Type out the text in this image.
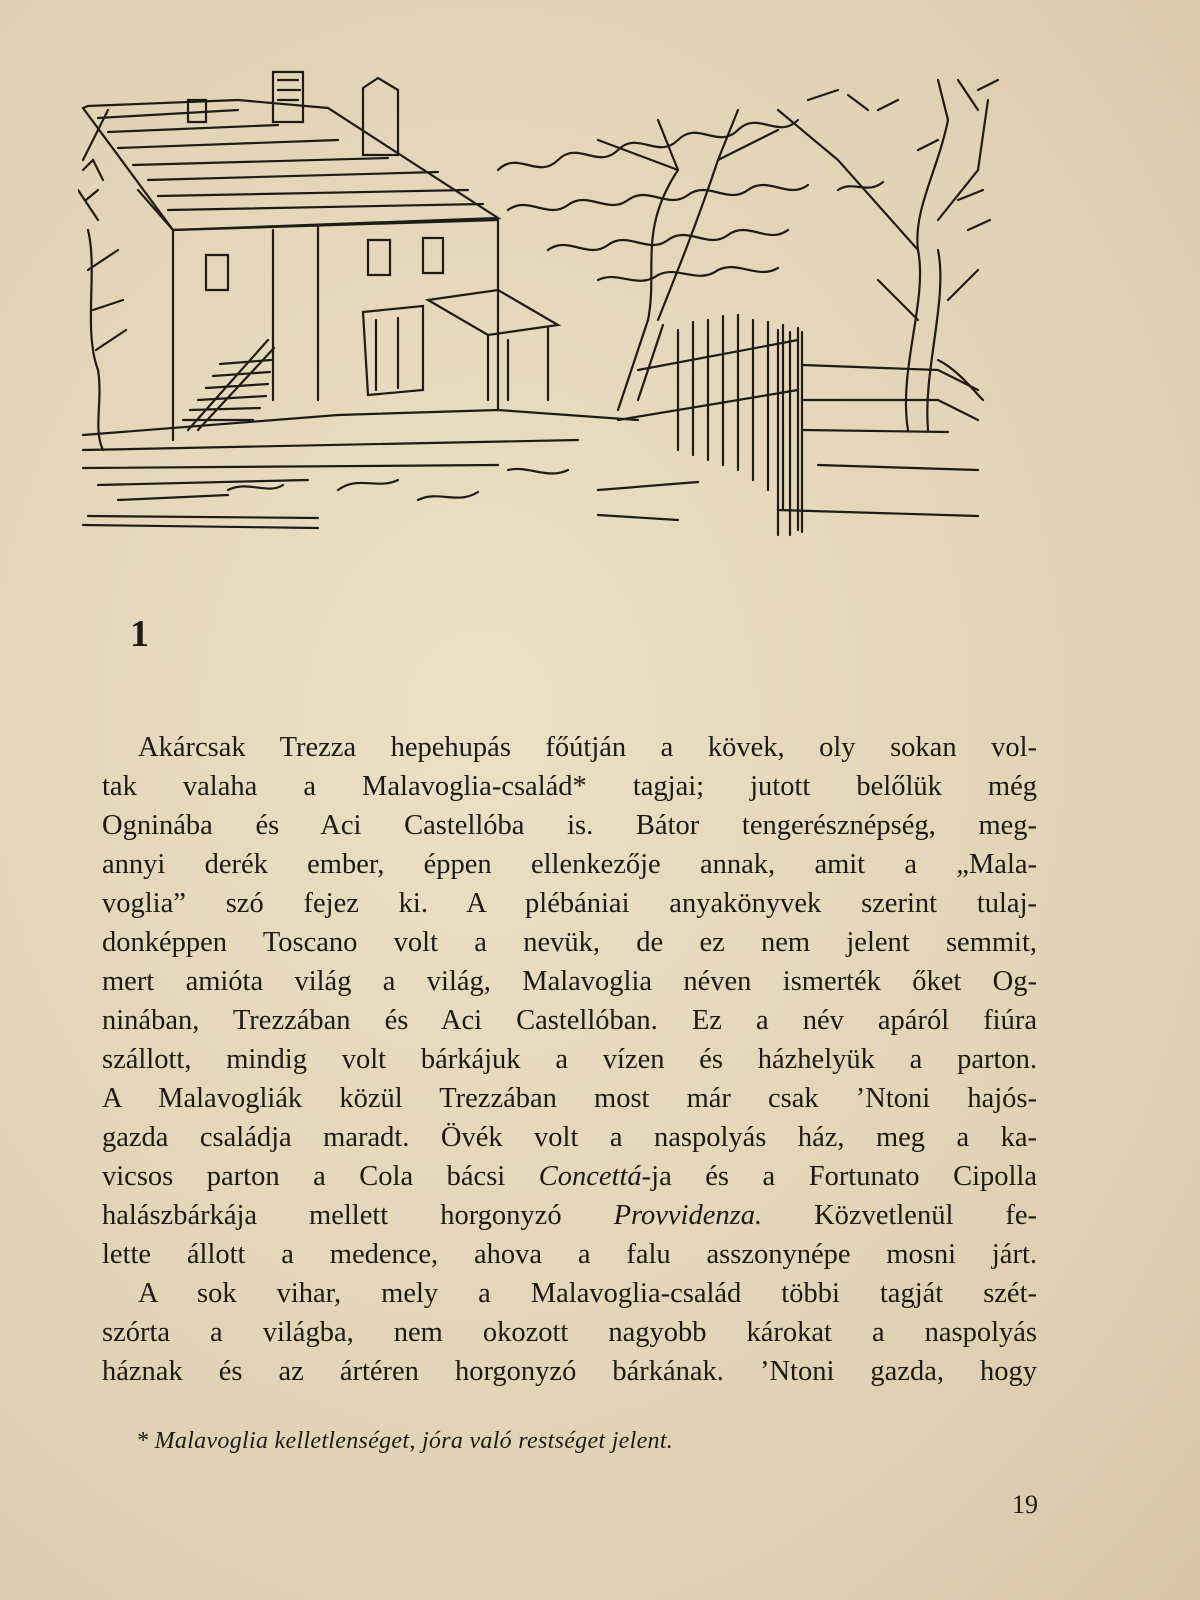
1
Akárcsak Trezza hepehupás főútján a kövek, oly sokan vol-
tak valaha a Malavoglia-család* tagjai; jutott belőlük még
Ogninába és Aci Castellóba is. Bátor tengerésznépség, meg-
annyi derék ember, éppen ellenkezője annak, amit a „Mala-
voglia” szó fejez ki. A plébániai anyakönyvek szerint tulaj-
donképpen Toscano volt a nevük, de ez nem jelent semmit,
mert amióta világ a világ, Malavoglia néven ismerték őket Og-
ninában, Trezzában és Aci Castellóban. Ez a név apáról fiúra
szállott, mindig volt bárkájuk a vízen és házhelyük a parton.
A Malavogliák közül Trezzában most már csak ’Ntoni hajós-
gazda családja maradt. Övék volt a naspolyás ház, meg a ka-
vicsos parton a Cola bácsi Concettá-ja és a Fortunato Cipolla
halászbárkája mellett horgonyzó Provvidenza. Közvetlenül fe-
lette állott a medence, ahova a falu asszonynépe mosni járt.
A sok vihar, mely a Malavoglia-család többi tagját szét-
szórta a világba, nem okozott nagyobb károkat a naspolyás
háznak és az ártéren horgonyzó bárkának. ’Ntoni gazda, hogy
* Malavoglia kelletlenséget, jóra való restséget jelent.
19
